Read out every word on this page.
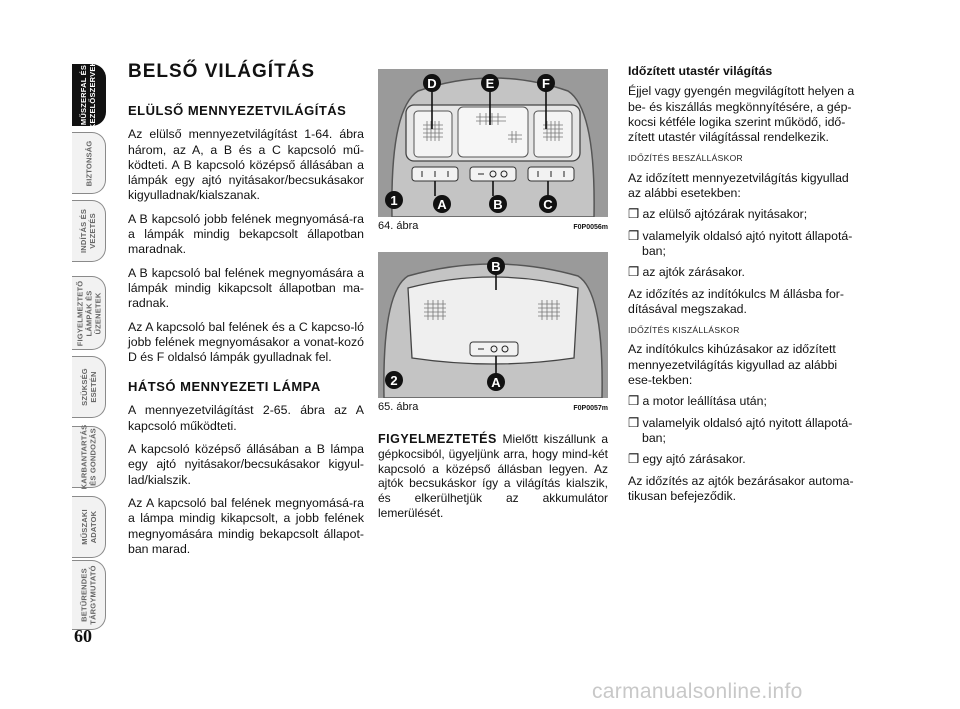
MŰSZERFAL ÉS
KEZELŐSZERVEK
BIZTONSÁG
INDÍTÁS ÉS
VEZETÉS
FIGYELMEZTETŐ
LÁMPÁK ÉS
ÜZENETEK
SZÜKSÉG
ESETÉN
KARBANTARTÁS
ÉS GONDOZÁS
MŰSZAKI
ADATOK
BETŰRENDES
TÁRGYMUTATÓ
60
BELSŐ VILÁGÍTÁS
ELÜLSŐ MENNYEZETVILÁGÍTÁS

Az elülső mennyezetvilágítást 1-64. ábra három, az A, a B és a C kapcsoló mű-ködteti. A B kapcsoló középső állásában a lámpák egy ajtó nyitásakor/becsukásakor kigyulladnak/kialszanak.

A B kapcsoló jobb felének megnyomásá-ra a lámpák mindig bekapcsolt állapotban maradnak.

A B kapcsoló bal felének megnyomására a lámpák mindig kikapcsolt állapotban ma-radnak.

Az A kapcsoló bal felének és a C kapcso-ló jobb felének megnyomásakor a vonat-kozó D és F oldalsó lámpák gyulladnak fel.

HÁTSÓ MENNYEZETI LÁMPA

A mennyezetvilágítást 2-65. ábra az A kapcsoló működteti.

A kapcsoló középső állásában a B lámpa egy ajtó nyitásakor/becsukásakor kigyul-lad/kialszik.

Az A kapcsoló bal felének megnyomásá-ra a lámpa mindig kikapcsolt, a jobb felének megnyomására mindig bekapcsolt állapot-ban marad.

D	E	F
A	B	C
1
64. ábra	F0P0056m
B
A
2
65. ábra	F0P0057m
FIGYELMEZTETÉS Mielőtt kiszállunk a gépkocsiból, ügyeljünk arra, hogy mind-két kapcsoló a középső állásban legyen. Az ajtók becsukáskor így a világítás kialszik, és elkerülhetjük az akkumulátor lemerülését.
Időzített utastér világítás

Éjjel vagy gyengén megvilágított helyen a be- és kiszállás megkönnyítésére, a gép-kocsi kétféle logika szerint működő, idő-zített utastér világítással rendelkezik.

IDŐZÍTÉS BESZÁLLÁSKOR

Az időzített mennyezetvilágítás kigyullad az alábbi esetekben:

❒ az elülső ajtózárak nyitásakor;
❒ valamelyik oldalsó ajtó nyitott állapotá-ban;
❒ az ajtók zárásakor.

Az időzítés az indítókulcs M állásba for-dításával megszakad.

IDŐZÍTÉS KISZÁLLÁSKOR

Az indítókulcs kihúzásakor az időzített mennyezetvilágítás kigyullad az alábbi ese-tekben:

❒ a motor leállítása után;
❒ valamelyik oldalsó ajtó nyitott állapotá-ban;
❒ egy ajtó zárásakor.

Az időzítés az ajtók bezárásakor automa-tikusan befejeződik.

carmanualsonline.info
